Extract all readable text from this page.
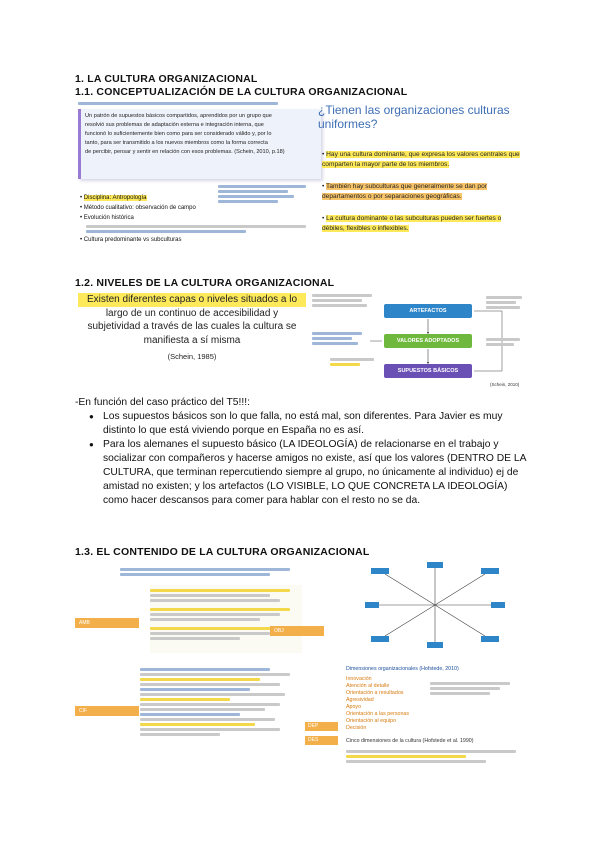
1. LA CULTURA ORGANIZACIONAL
1.1. CONCEPTUALIZACIÓN DE LA CULTURA ORGANIZACIONAL
Un patrón de supuestos básicos compartidos, aprendidos por un grupo que
resolvió sus problemas de adaptación externa e integración interna, que
funcionó lo suficientemente bien como para ser considerado válido y, por lo
tanto, para ser transmitido a los nuevos miembros como la forma correcta
de percibir, pensar y sentir en relación con esos problemas. (Schein, 2010, p.18)
• Disciplina: Antropología
• Método cualitativo: observación de campo
• Evolución histórica
• Cultura predominante vs subculturas
¿Tienen las organizaciones culturas uniformes?
• Hay una cultura dominante, que expresa los valores centrales que comparten la mayor parte de los miembros.
• También hay subculturas que generalmente se dan por departamentos o por separaciones geográficas.
• La cultura dominante o las subculturas pueden ser fuertes o débiles, flexibles o inflexibles.
1.2. NIVELES DE LA CULTURA ORGANIZACIONAL
Existen diferentes capas o niveles situados a lo
largo de un continuo de accesibilidad y
subjetividad a través de las cuales la cultura se
manifiesta a sí misma
(Schein, 1985)
ARTEFACTOS
VALORES ADOPTADOS
SUPUESTOS BÁSICOS
(Schein, 2010)
-En función del caso práctico del T5!!!:
● Los supuestos básicos son lo que falla, no está mal, son diferentes. Para Javier es muy distinto lo que está viviendo porque en España no es así.
● Para los alemanes el supuesto básico (LA IDEOLOGÍA) de relacionarse en el trabajo y socializar con compañeros y hacerse amigos no existe, así que los valores (DENTRO DE LA CULTURA, que terminan repercutiendo siempre al grupo, no únicamente al individuo) ej de amistad no existen; y los artefactos (LO VISIBLE, LO QUE CONCRETA LA IDEOLOGÍA) como hacer descansos para comer para hablar con el resto no se da.
1.3. EL CONTENIDO DE LA CULTURA ORGANIZACIONAL
AMB
OBJ
CIF
DEP
DES
Dimensiones organizacionales (Hofstede, 2010)
Innovación
Atención al detalle
Orientación a resultados
Agresividad
Apoyo
Orientación a las personas
Orientación al equipo
Decisión
Cinco dimensiones de la cultura (Hofstede et al. 1990)
